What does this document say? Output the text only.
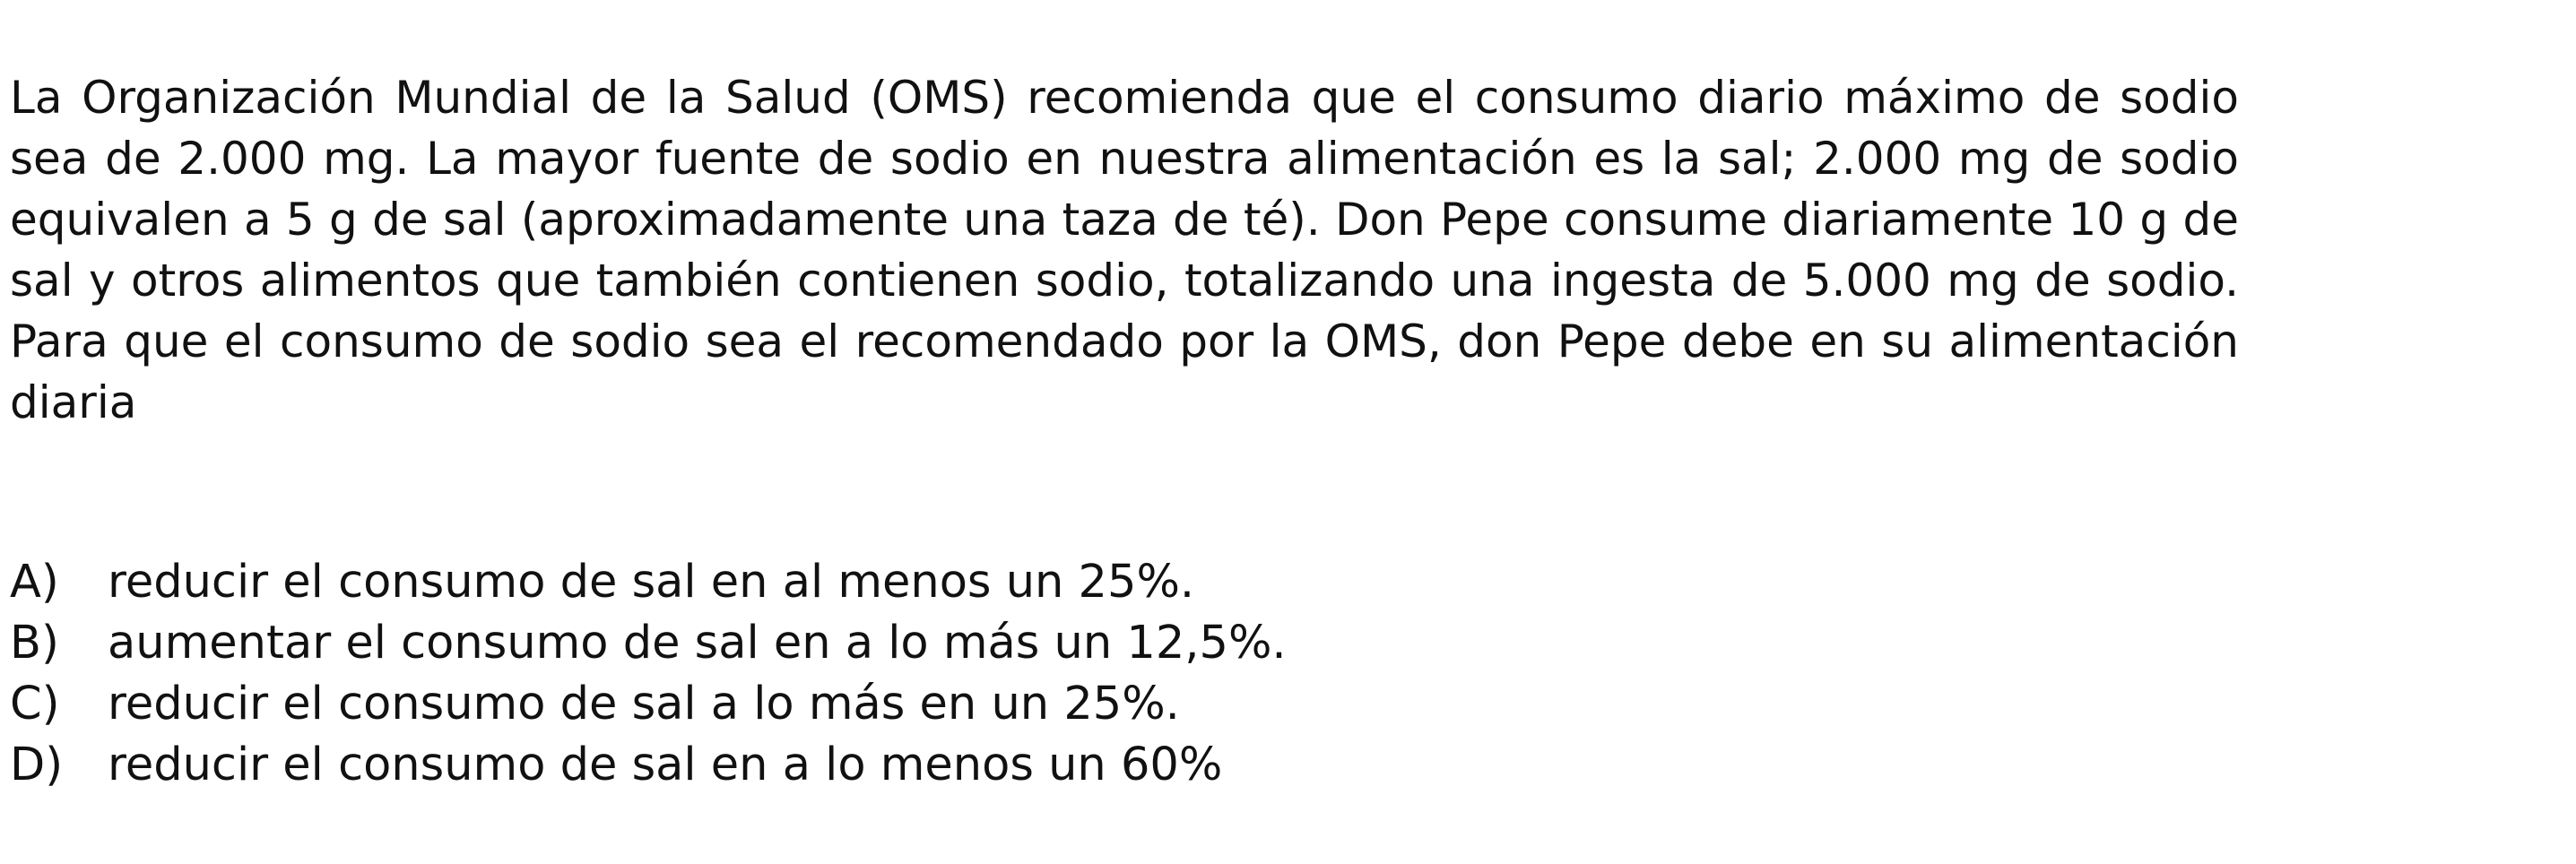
La Organización Mundial de la Salud (OMS) recomienda que el consumo diario máximo de sodio sea de 2.000 mg. La mayor fuente de sodio en nuestra alimentación es la sal; 2.000 mg de sodio equivalen a 5 g de sal (aproximadamente una taza de té). Don Pepe consume diariamente 10 g de sal y otros alimentos que también contienen sodio, totalizando una ingesta de 5.000 mg de sodio. Para que el consumo de sodio sea el recomendado por la OMS, don Pepe debe en su alimentación diaria

A)	reducir el consumo de sal en al menos un 25%.
B)	aumentar el consumo de sal en a lo más un 12,5%.
C)	reducir el consumo de sal a lo más en un 25%.
D) reducir el consumo de sal en a lo menos un 60%
